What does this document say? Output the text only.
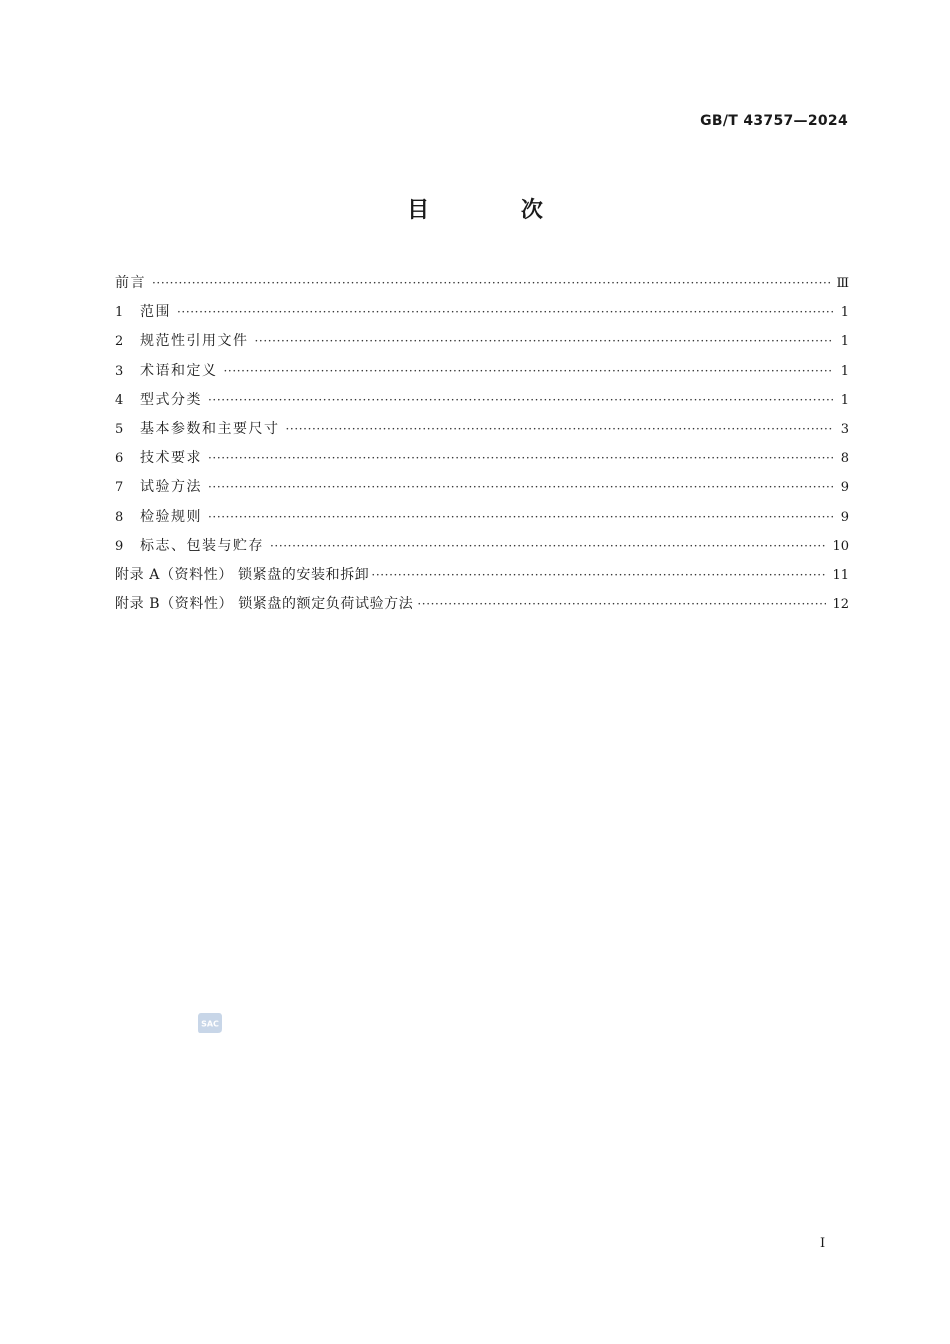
GB/T 43757—2024
目 次
前言 ·····	Ⅲ
1	范围 ·····	1
2	规范性引用文件 ·····	1
3	术语和定义 ·····	1
4	型式分类 ·····	1
5	基本参数和主要尺寸 ·····	3
6	技术要求 ·····	8
7	试验方法 ·····	9
8	检验规则 ·····	9
9	标志、包装与贮存 ·····	10
附录 A（资料性） 锁紧盘的安装和拆卸 ·····	11
附录 B（资料性） 锁紧盘的额定负荷试验方法 ·····	12
SAC
I
